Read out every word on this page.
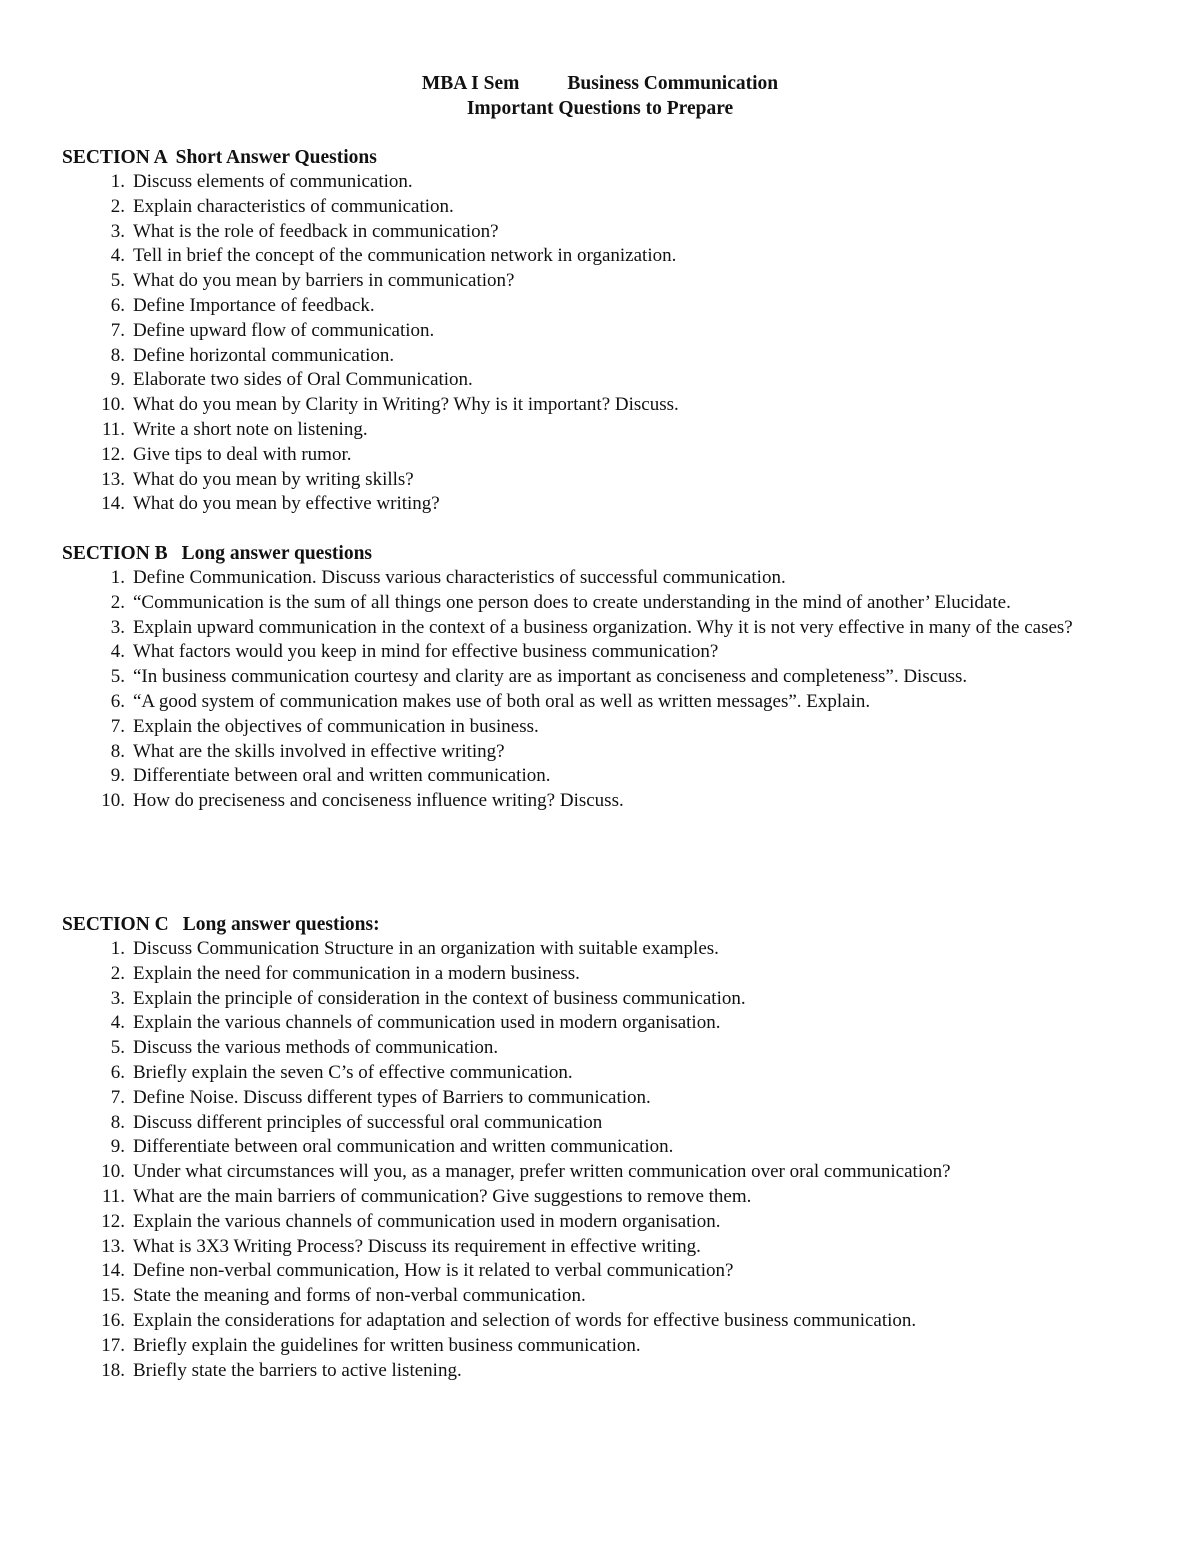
MBA I Sem Business Communication
Important Questions to Prepare
SECTION A Short Answer Questions
1. Discuss elements of communication.
2. Explain characteristics of communication.
3. What is the role of feedback in communication?
4. Tell in brief the concept of the communication network in organization.
5. What do you mean by barriers in communication?
6. Define Importance of feedback.
7. Define upward flow of communication.
8. Define horizontal communication.
9. Elaborate two sides of Oral Communication.
10. What do you mean by Clarity in Writing? Why is it important? Discuss.
11. Write a short note on listening.
12. Give tips to deal with rumor.
13. What do you mean by writing skills?
14. What do you mean by effective writing?
SECTION B Long answer questions
1. Define Communication. Discuss various characteristics of successful communication.
2. “Communication is the sum of all things one person does to create understanding in the mind of another’ Elucidate.
3. Explain upward communication in the context of a business organization. Why it is not very effective in many of the cases?
4. What factors would you keep in mind for effective business communication?
5. “In business communication courtesy and clarity are as important as conciseness and completeness”. Discuss.
6. “A good system of communication makes use of both oral as well as written messages”. Explain.
7. Explain the objectives of communication in business.
8. What are the skills involved in effective writing?
9. Differentiate between oral and written communication.
10. How do preciseness and conciseness influence writing? Discuss.
SECTION C Long answer questions:
1. Discuss Communication Structure in an organization with suitable examples.
2. Explain the need for communication in a modern business.
3. Explain the principle of consideration in the context of business communication.
4. Explain the various channels of communication used in modern organisation.
5. Discuss the various methods of communication.
6. Briefly explain the seven C’s of effective communication.
7. Define Noise. Discuss different types of Barriers to communication.
8. Discuss different principles of successful oral communication
9. Differentiate between oral communication and written communication.
10. Under what circumstances will you, as a manager, prefer written communication over oral communication?
11. What are the main barriers of communication? Give suggestions to remove them.
12. Explain the various channels of communication used in modern organisation.
13. What is 3X3 Writing Process? Discuss its requirement in effective writing.
14. Define non-verbal communication, How is it related to verbal communication?
15. State the meaning and forms of non-verbal communication.
16. Explain the considerations for adaptation and selection of words for effective business communication.
17. Briefly explain the guidelines for written business communication.
18. Briefly state the barriers to active listening.
